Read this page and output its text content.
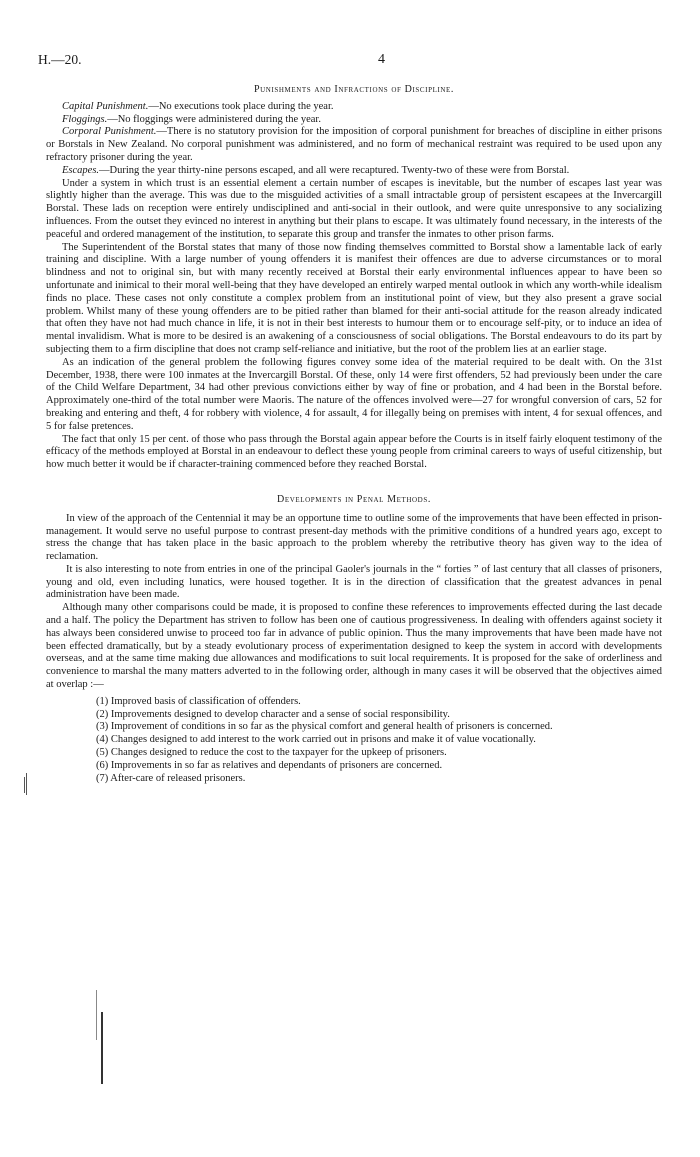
H.—20.	4
Punishments and Infractions of Discipline.

Capital Punishment.—No executions took place during the year.

Floggings.—No floggings were administered during the year.

Corporal Punishment.—There is no statutory provision for the imposition of corporal punishment for breaches of discipline in either prisons or Borstals in New Zealand. No corporal punishment was administered, and no form of mechanical restraint was required to be used upon any refractory prisoner during the year.

Escapes.—During the year thirty-nine persons escaped, and all were recaptured. Twenty-two of these were from Borstal.

Under a system in which trust is an essential element a certain number of escapes is inevitable, but the number of escapes last year was slightly higher than the average. This was due to the misguided activities of a small intractable group of persistent escapees at the Invercargill Borstal. These lads on reception were entirely undisciplined and anti-social in their outlook, and were quite unresponsive to any socializing influences. From the outset they evinced no interest in anything but their plans to escape. It was ultimately found necessary, in the interests of the peaceful and ordered management of the institution, to separate this group and transfer the inmates to other prison farms.

The Superintendent of the Borstal states that many of those now finding themselves committed to Borstal show a lamentable lack of early training and discipline. With a large number of young offenders it is manifest their offences are due to adverse circumstances or to moral blindness and not to original sin, but with many recently received at Borstal their early environmental influences appear to have been so unfortunate and inimical to their moral well-being that they have developed an entirely warped mental outlook in which any worth-while idealism finds no place. These cases not only constitute a complex problem from an institutional point of view, but they also present a grave social problem. Whilst many of these young offenders are to be pitied rather than blamed for their anti-social attitude for the reason already indicated that often they have not had much chance in life, it is not in their best interests to humour them or to encourage self-pity, or to induce an idea of mental invalidism. What is more to be desired is an awakening of a consciousness of social obligations. The Borstal endeavours to do its part by subjecting them to a firm discipline that does not cramp self-reliance and initiative, but the root of the problem lies at an earlier stage.

As an indication of the general problem the following figures convey some idea of the material required to be dealt with. On the 31st December, 1938, there were 100 inmates at the Invercargill Borstal. Of these, only 14 were first offenders, 52 had previously been under the care of the Child Welfare Department, 34 had other previous convictions either by way of fine or probation, and 4 had been in the Borstal before. Approximately one-third of the total number were Maoris. The nature of the offences involved were—27 for wrongful conversion of cars, 52 for breaking and entering and theft, 4 for robbery with violence, 4 for assault, 4 for illegally being on premises with intent, 4 for sexual offences, and 5 for false pretences.

The fact that only 15 per cent. of those who pass through the Borstal again appear before the Courts is in itself fairly eloquent testimony of the efficacy of the methods employed at Borstal in an endeavour to deflect these young people from criminal careers to ways of useful citizenship, but how much better it would be if character-training commenced before they reached Borstal.

Developments in Penal Methods.

In view of the approach of the Centennial it may be an opportune time to outline some of the improvements that have been effected in prison-management. It would serve no useful purpose to contrast present-day methods with the primitive conditions of a hundred years ago, except to stress the change that has taken place in the basic approach to the problem whereby the retributive theory has given way to the idea of reclamation.

It is also interesting to note from entries in one of the principal Gaoler's journals in the “ forties ” of last century that all classes of prisoners, young and old, even including lunatics, were housed together. It is in the direction of classification that the greatest advances in penal administration have been made.

Although many other comparisons could be made, it is proposed to confine these references to improvements effected during the last decade and a half. The policy the Department has striven to follow has been one of cautious progressiveness. In dealing with offenders against society it has always been considered unwise to proceed too far in advance of public opinion. Thus the many improvements that have been made have not been effected dramatically, but by a steady evolutionary process of experimentation designed to keep the system in accord with developments overseas, and at the same time making due allowances and modifications to suit local requirements. It is proposed for the sake of orderliness and convenience to marshal the many matters adverted to in the following order, although in many cases it will be observed that the objectives aimed at overlap :—

(1) Improved basis of classification of offenders.
(2) Improvements designed to develop character and a sense of social responsibility.
(3) Improvement of conditions in so far as the physical comfort and general health of prisoners is concerned.
(4) Changes designed to add interest to the work carried out in prisons and make it of value vocationally.
(5) Changes designed to reduce the cost to the taxpayer for the upkeep of prisoners.
(6) Improvements in so far as relatives and dependants of prisoners are concerned.
(7) After-care of released prisoners.
